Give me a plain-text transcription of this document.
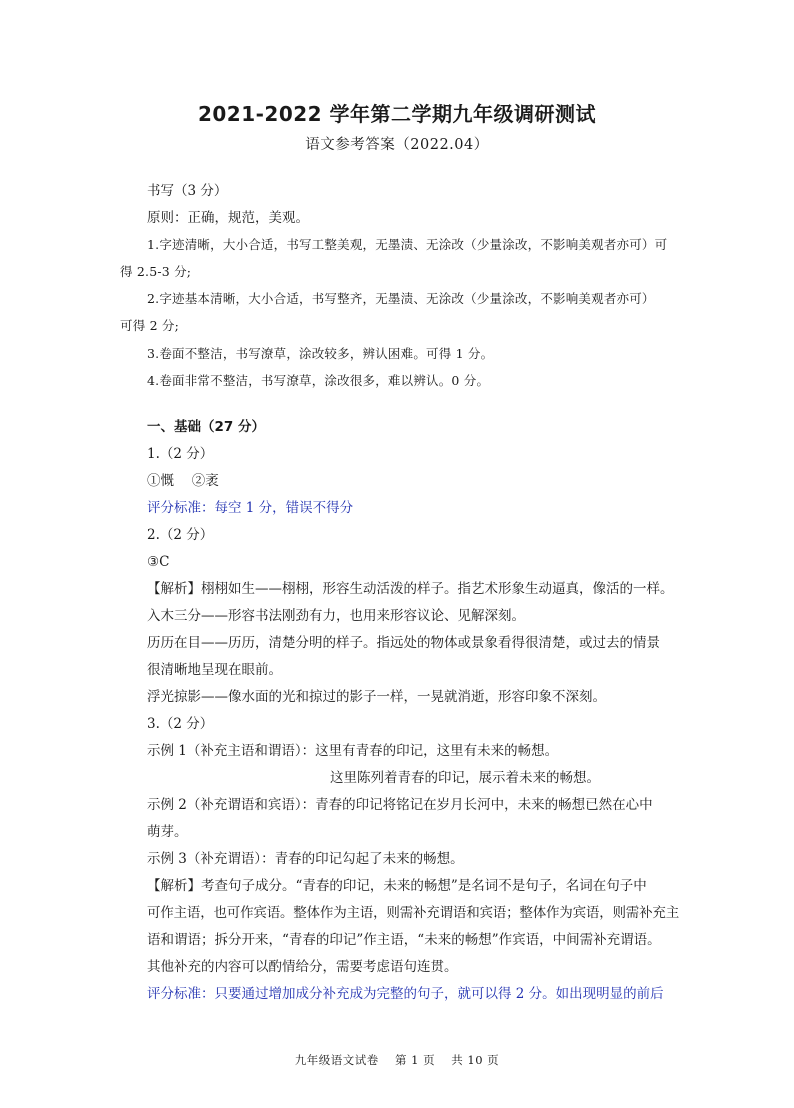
2021-2022 学年第二学期九年级调研测试
语文参考答案（2022.04）
书写（3 分）
原则：正确，规范，美观。
1.字迹清晰，大小合适，书写工整美观，无墨渍、无涂改（少量涂改，不影响美观者亦可）可
得 2.5-3 分;
2.字迹基本清晰，大小合适，书写整齐，无墨渍、无涂改（少量涂改，不影响美观者亦可）
可得 2 分;
3.卷面不整洁，书写潦草，涂改较多，辨认困难。可得 1 分。
4.卷面非常不整洁，书写潦草，涂改很多，难以辨认。0 分。
一、基础（27 分）
1.（2 分）
①慨　 ②袤
评分标准：每空 1 分，错误不得分
2.（2 分）
③C
【解析】栩栩如生——栩栩，形容生动活泼的样子。指艺术形象生动逼真，像活的一样。
入木三分——形容书法刚劲有力，也用来形容议论、见解深刻。
历历在目——历历，清楚分明的样子。指远处的物体或景象看得很清楚，或过去的情景
很清晰地呈现在眼前。
浮光掠影——像水面的光和掠过的影子一样，一晃就消逝，形容印象不深刻。
3.（2 分）
示例 1（补充主语和谓语）：这里有青春的印记，这里有未来的畅想。
这里陈列着青春的印记，展示着未来的畅想。
示例 2（补充谓语和宾语）：青春的印记将铭记在岁月长河中，未来的畅想已然在心中
萌芽。
示例 3（补充谓语）：青春的印记勾起了未来的畅想。
【解析】考查句子成分。“青春的印记，未来的畅想”是名词不是句子，名词在句子中
可作主语，也可作宾语。整体作为主语，则需补充谓语和宾语；整体作为宾语，则需补充主
语和谓语；拆分开来，“青春的印记”作主语，“未来的畅想”作宾语，中间需补充谓语。
其他补充的内容可以酌情给分，需要考虑语句连贯。
评分标准：只要通过增加成分补充成为完整的句子，就可以得 2 分。如出现明显的前后
九年级语文试卷　 第 1 页　 共 10 页
